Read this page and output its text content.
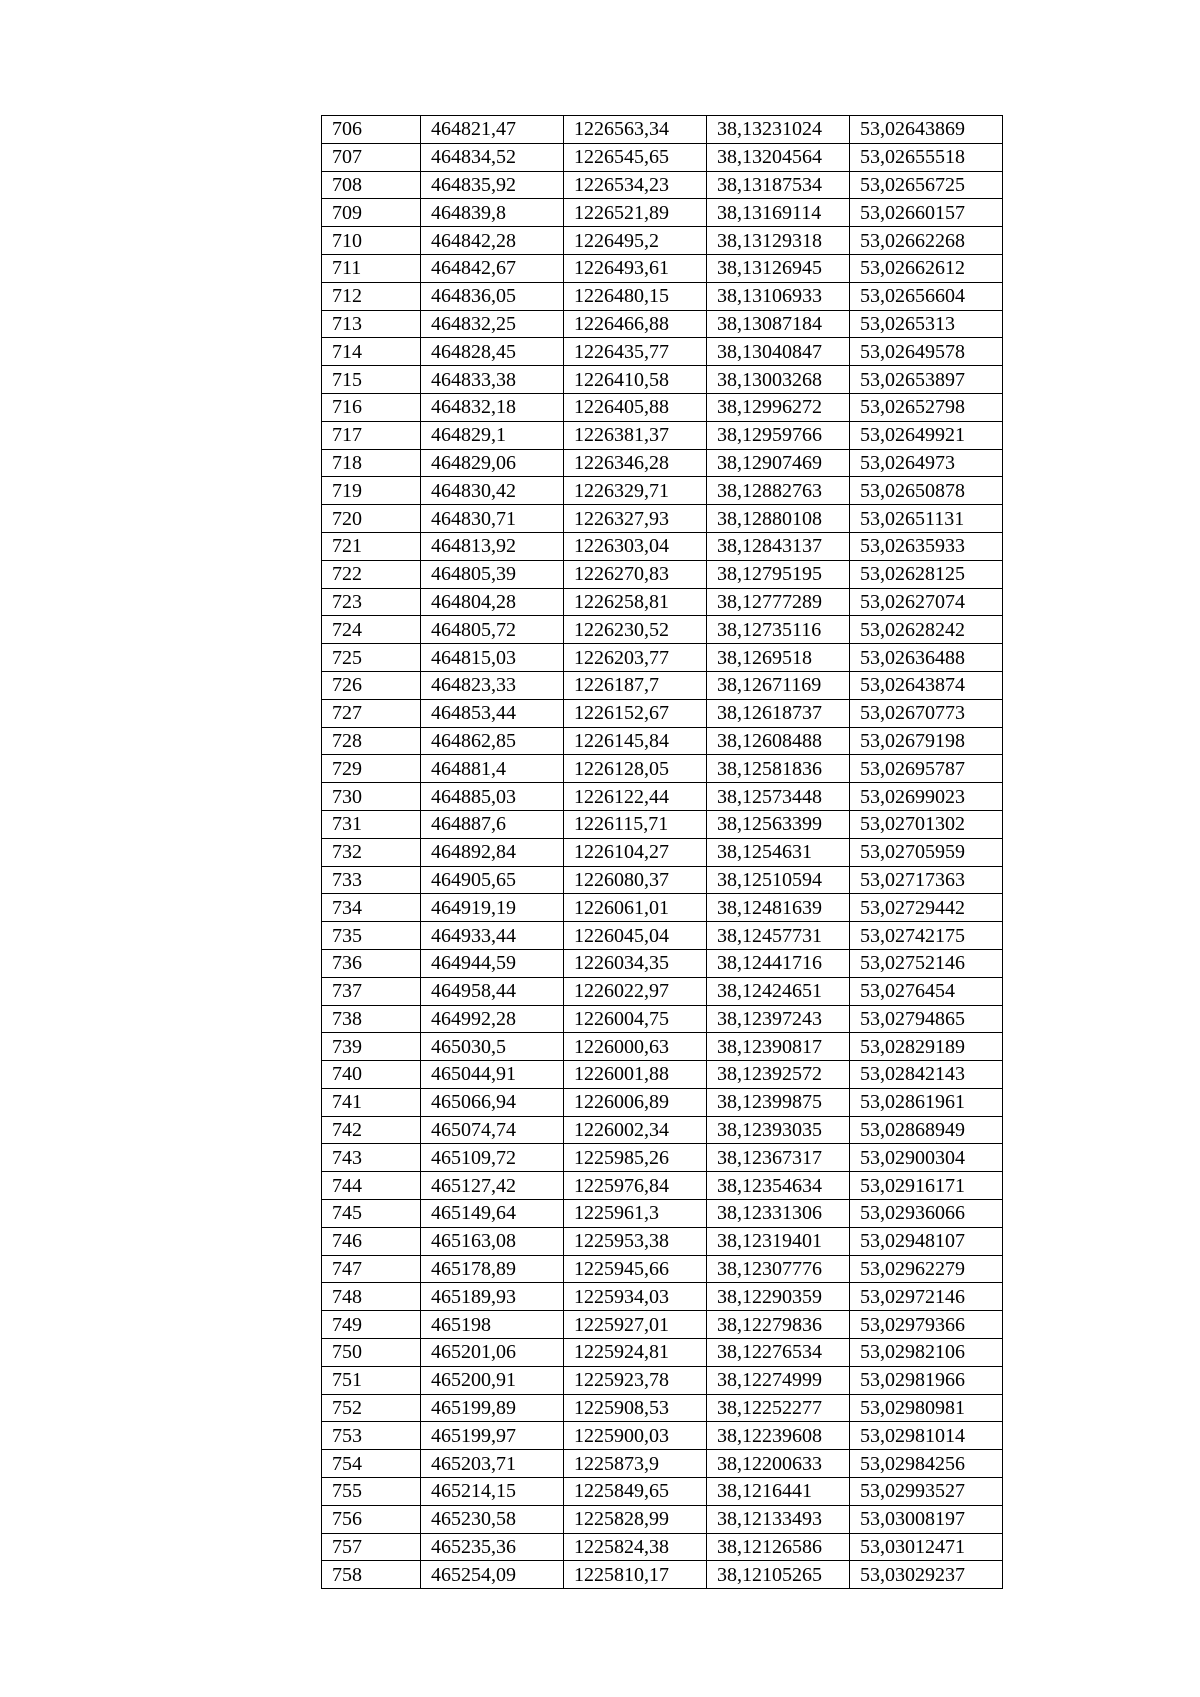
706	464821,47	1226563,34	38,13231024	53,02643869
707	464834,52	1226545,65	38,13204564	53,02655518
708	464835,92	1226534,23	38,13187534	53,02656725
709	464839,8	1226521,89	38,13169114	53,02660157
710	464842,28	1226495,2	38,13129318	53,02662268
711	464842,67	1226493,61	38,13126945	53,02662612
712	464836,05	1226480,15	38,13106933	53,02656604
713	464832,25	1226466,88	38,13087184	53,0265313
714	464828,45	1226435,77	38,13040847	53,02649578
715	464833,38	1226410,58	38,13003268	53,02653897
716	464832,18	1226405,88	38,12996272	53,02652798
717	464829,1	1226381,37	38,12959766	53,02649921
718	464829,06	1226346,28	38,12907469	53,0264973
719	464830,42	1226329,71	38,12882763	53,02650878
720	464830,71	1226327,93	38,12880108	53,02651131
721	464813,92	1226303,04	38,12843137	53,02635933
722	464805,39	1226270,83	38,12795195	53,02628125
723	464804,28	1226258,81	38,12777289	53,02627074
724	464805,72	1226230,52	38,12735116	53,02628242
725	464815,03	1226203,77	38,1269518	53,02636488
726	464823,33	1226187,7	38,12671169	53,02643874
727	464853,44	1226152,67	38,12618737	53,02670773
728	464862,85	1226145,84	38,12608488	53,02679198
729	464881,4	1226128,05	38,12581836	53,02695787
730	464885,03	1226122,44	38,12573448	53,02699023
731	464887,6	1226115,71	38,12563399	53,02701302
732	464892,84	1226104,27	38,1254631	53,02705959
733	464905,65	1226080,37	38,12510594	53,02717363
734	464919,19	1226061,01	38,12481639	53,02729442
735	464933,44	1226045,04	38,12457731	53,02742175
736	464944,59	1226034,35	38,12441716	53,02752146
737	464958,44	1226022,97	38,12424651	53,0276454
738	464992,28	1226004,75	38,12397243	53,02794865
739	465030,5	1226000,63	38,12390817	53,02829189
740	465044,91	1226001,88	38,12392572	53,02842143
741	465066,94	1226006,89	38,12399875	53,02861961
742	465074,74	1226002,34	38,12393035	53,02868949
743	465109,72	1225985,26	38,12367317	53,02900304
744	465127,42	1225976,84	38,12354634	53,02916171
745	465149,64	1225961,3	38,12331306	53,02936066
746	465163,08	1225953,38	38,12319401	53,02948107
747	465178,89	1225945,66	38,12307776	53,02962279
748	465189,93	1225934,03	38,12290359	53,02972146
749	465198	1225927,01	38,12279836	53,02979366
750	465201,06	1225924,81	38,12276534	53,02982106
751	465200,91	1225923,78	38,12274999	53,02981966
752	465199,89	1225908,53	38,12252277	53,02980981
753	465199,97	1225900,03	38,12239608	53,02981014
754	465203,71	1225873,9	38,12200633	53,02984256
755	465214,15	1225849,65	38,1216441	53,02993527
756	465230,58	1225828,99	38,12133493	53,03008197
757	465235,36	1225824,38	38,12126586	53,03012471
758	465254,09	1225810,17	38,12105265	53,03029237
